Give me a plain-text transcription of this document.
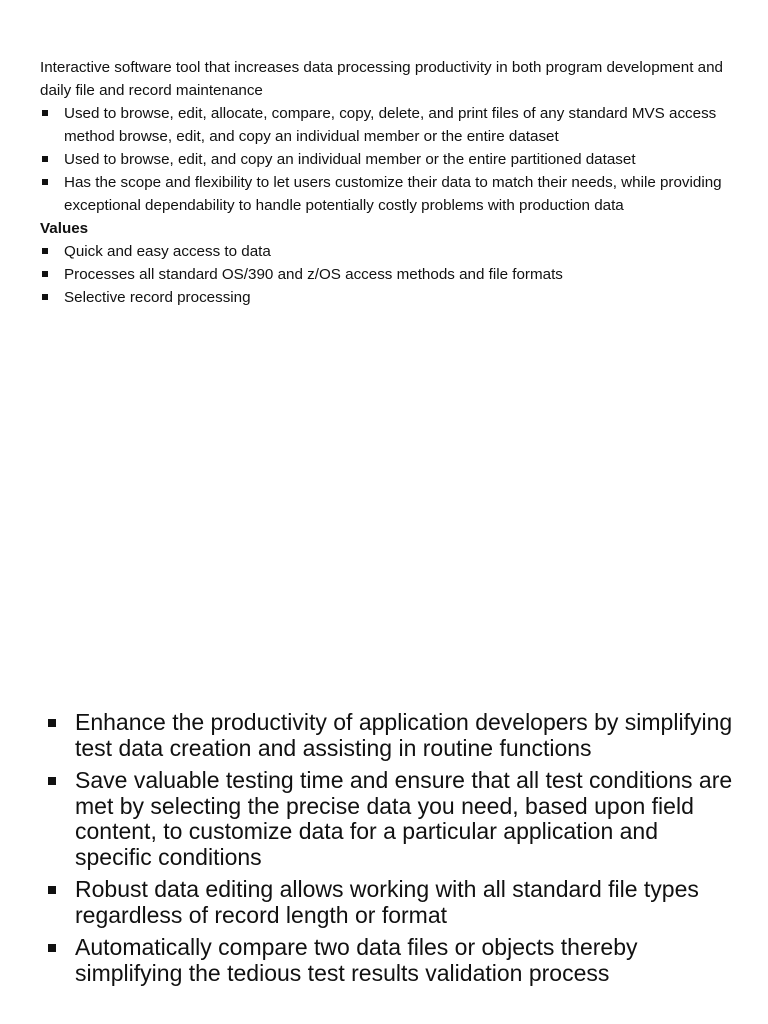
Interactive software tool that increases data processing productivity in both program development and daily file and record maintenance

Used to browse, edit, allocate, compare, copy, delete, and print files of any standard MVS access method browse, edit, and copy an individual member or the entire dataset
Used to browse, edit, and copy an individual member or the entire partitioned dataset
Has the scope and flexibility to let users customize their data to match their needs, while providing exceptional dependability to handle potentially costly problems with production data

Values

Quick and easy access to data
Processes all standard OS/390 and z/OS access methods and file formats
Selective record processing
Enhance the productivity of application developers by simplifying test data creation and assisting in routine functions
Save valuable testing time and ensure that all test conditions are met by selecting the precise data you need, based upon field content, to customize data for a particular application and specific conditions
Robust data editing allows working with all standard file types regardless of record length or format
Automatically compare two data files or objects thereby simplifying the tedious test results validation process
